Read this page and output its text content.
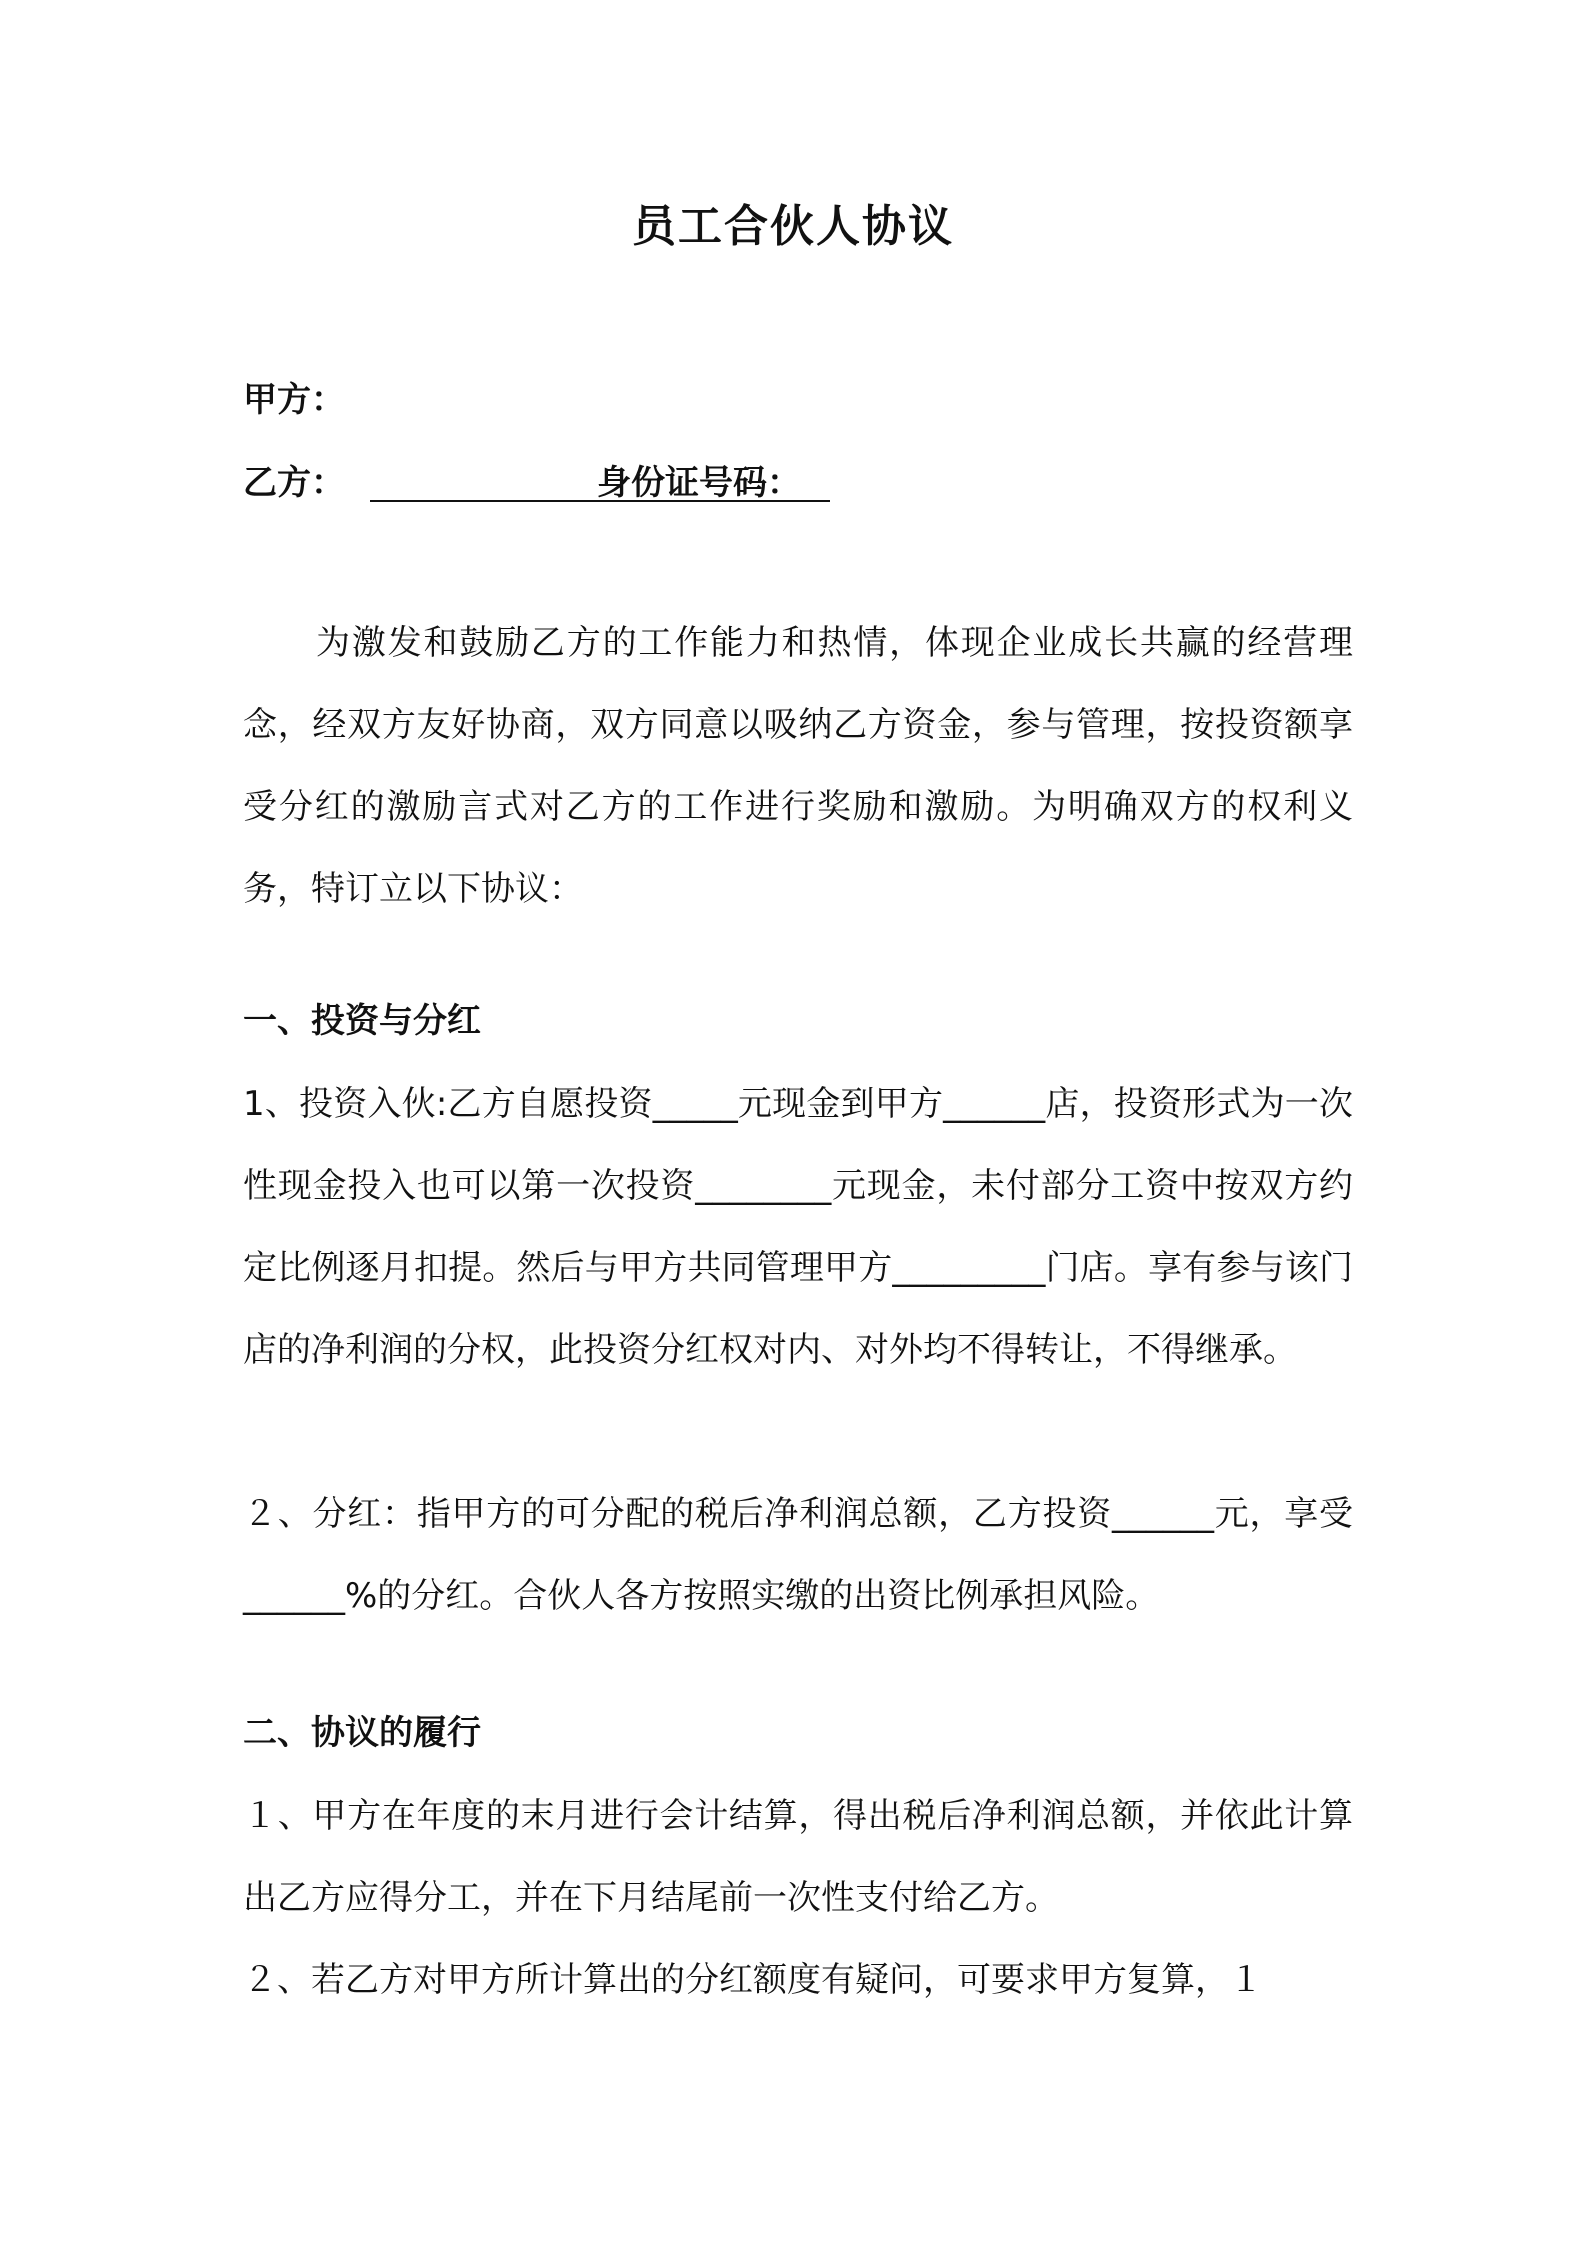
员工合伙人协议
甲方：
乙方：	身份证号码：
为激发和鼓励乙方的工作能力和热情，体现企业成长共赢的经营理念，经双方友好协商，双方同意以吸纳乙方资金，参与管理，按投资额享受分红的激励言式对乙方的工作进行奖励和激励。为明确双方的权利义务，特订立以下协议：
一、投资与分红
1、投资入伙:乙方自愿投资_____元现金到甲方______店，投资形式为一次性现金投入也可以第一次投资________元现金，未付部分工资中按双方约定比例逐月扣提。然后与甲方共同管理甲方_________门店。享有参与该门店的净利润的分权，此投资分红权对内、对外均不得转让，不得继承。
２、分红：指甲方的可分配的税后净利润总额，乙方投资______元，享受______%的分红。合伙人各方按照实缴的出资比例承担风险。
二、协议的履行
１、甲方在年度的末月进行会计结算，得出税后净利润总额，并依此计算出乙方应得分工，并在下月结尾前一次性支付给乙方。
２、若乙方对甲方所计算出的分红额度有疑问，可要求甲方复算，１
